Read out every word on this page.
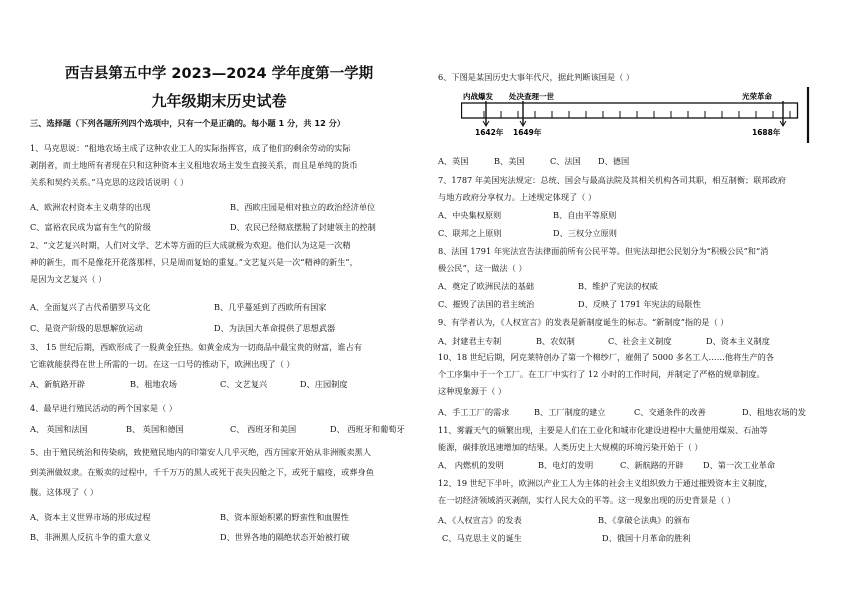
西吉县第五中学 2023—2024 学年度第一学期
九年级期末历史试卷
三、选择题（下列各题所列四个选项中，只有一个是正确的。每小题 1 分，共 12 分）
1、马克思说：“租地农场主成了这种农业工人的实际指挥官，成了他们的剩余劳动的实际
剥削者，而土地所有者现在只和这种资本主义租地农场主发生直接关系，而且是单纯的货币
关系和契约关系。”马克思的这段话说明（ ）
A、欧洲农村资本主义萌芽的出现	B、西欧庄园是相对独立的政治经济单位
C、富裕农民成为富有生气的阶级	D、农民已经彻底摆脱了封建领主的控制
2、“文艺复兴时期，人们对文学、艺术等方面的巨大成就极为欢迎。他们认为这是一次精
神的新生，而不是像花开花落那样，只是周而复始的重复。”文艺复兴是一次“精神的新生”，
是因为文艺复兴（ ）
A、全面复兴了古代希腊罗马文化	B、几乎蔓延到了西欧所有国家
C、是资产阶级的思想解放运动	D、为法国大革命提供了思想武器
3、 15 世纪后期，西欧形成了一股黄金狂热。如黄金成为一切商品中最宝贵的财富，谁占有
它谁就能获得在世上所需的一切。在这一口号的推动下，欧洲出现了（ ）
A、新航路开辟	B、租地农场	C、文艺复兴	D、庄园制度
4、最早进行殖民活动的两个国家是（ ）
A、 英国和法国	B、 英国和德国	C、 西班牙和美国	D、 西班牙和葡萄牙
5、由于殖民统治和传染病，致使殖民地内的印第安人几乎灭绝，西方国家开始从非洲贩卖黑人
到美洲做奴隶。在贩卖的过程中，千千万万的黑人或死于丧失囚舱之下，或死于瘟疫，或葬身鱼
腹。这体现了（ ）
A、资本主义世界市场的形成过程	B、资本原始积累的野蛮性和血腥性
B、非洲黑人反抗斗争的重大意义	D、世界各地的隔绝状态开始被打破
6、下图是某国历史大事年代尺，据此判断该国是（ ）
内战爆发 处决查理一世	光荣革命
1642年 1649年	1688年
A、英国	B、美国	C、法国 D、德国
7、1787 年美国宪法规定：总统、国会与最高法院及其相关机构各司其职，相互制衡；联邦政府
与地方政府分享权力。上述规定体现了（ ）
A、中央集权原则	B、自由平等原则
C、联邦之上原则	D、三权分立原则
8、法国 1791 年宪法宣告法律面前所有公民平等。但宪法却把公民划分为“积极公民”和“消
极公民”，这一做法（ ）
A、奠定了欧洲民法的基础	B、维护了宪法的权威
C、摧毁了法国的君主统治	D、反映了 1791 年宪法的局限性
9、有学者认为，《人权宣言》的发表是新制度诞生的标志。“新制度”指的是（ ）
A、封建君主专制	B、农奴制	C、社会主义制度	D、资本主义制度
10、18 世纪后期，阿克莱特创办了第一个棉纱厂，雇佣了 5000 多名工人……他将生产的各
个工序集中于一个工厂。在工厂中实行了 12 小时的工作时间，并制定了严格的规章制度。
这种现象源于（ ）
A、手工工厂的需求	B、工厂制度的建立	C、交通条件的改善	D、租地农场的发
11、雾霾天气的频繁出现，主要是人们在工业化和城市化建设进程中大量使用煤炭、石油等
能源，碳排放迅速增加的结果。人类历史上大规模的环境污染开始于（ ）
A、 内燃机的发明	B、电灯的发明	C、新航路的开辟 D、第一次工业革命
12、19 世纪下半叶，欧洲以产业工人为主体的社会主义组织致力于通过摧毁资本主义制度，
在一切经济领域消灭剥削，实行人民大众的平等。这一现象出现的历史背景是（ ）
A、《人权宣言》的发表	B、《拿破仑法典》的颁布
C、马克思主义的诞生	D、俄国十月革命的胜利
